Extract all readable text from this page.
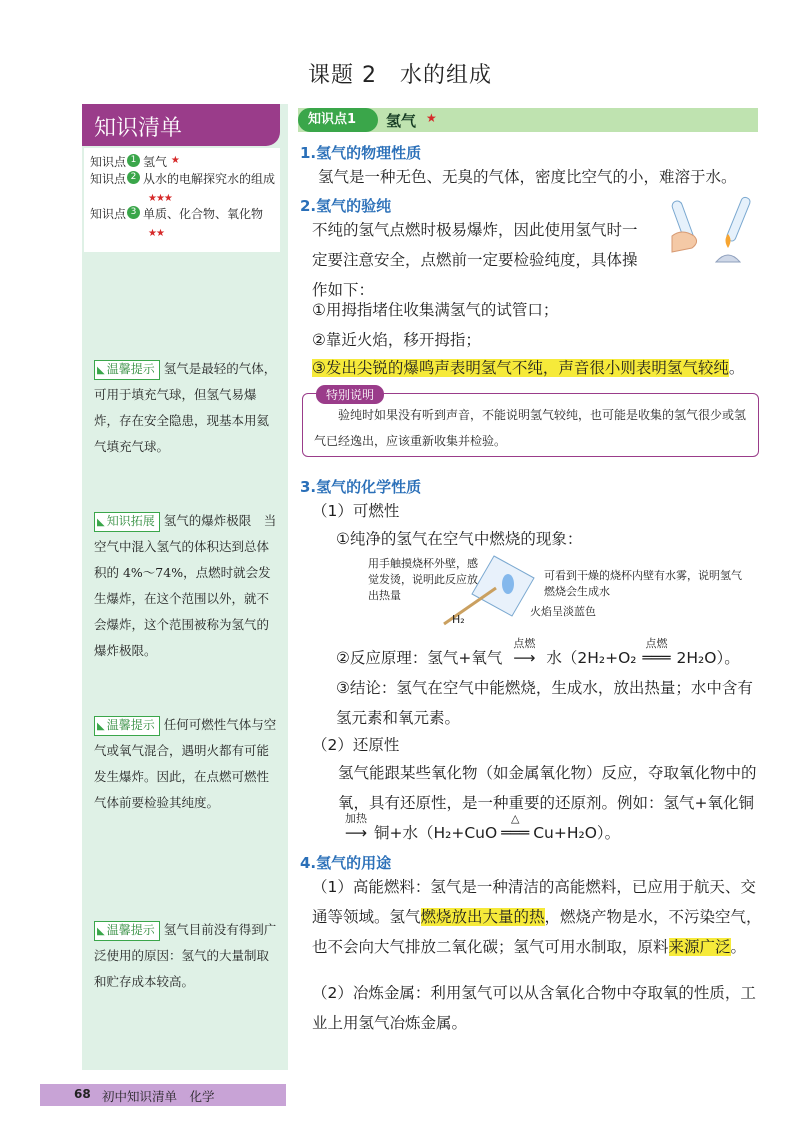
课题 2　水的组成
知识清单
知识点 1 氢气
★
知识点 2 从水的电解探究水的组成
★★★
知识点 3 单质、化合物、氧化物
★★
◣ 温馨提示 氢气是最轻的气体，可用于填充气球，但氢气易爆炸，存在安全隐患，现基本用氦气填充气球。
◣ 知识拓展 氢气的爆炸极限　当空气中混入氢气的体积达到总体积的 4%～74%，点燃时就会发生爆炸，在这个范围以外，就不会爆炸，这个范围被称为氢气的爆炸极限。
◣ 温馨提示 任何可燃性气体与空气或氧气混合，遇明火都有可能发生爆炸。因此，在点燃可燃性气体前要检验其纯度。
◣ 温馨提示 氢气目前没有得到广泛使用的原因：氢气的大量制取和贮存成本较高。
知识点1	氢气 ★
1.氢气的物理性质
氢气是一种无色、无臭的气体，密度比空气的小，难溶于水。
2.氢气的验纯
不纯的氢气点燃时极易爆炸，因此使用氢气时一定要注意安全，点燃前一定要检验纯度，具体操作如下：
①用拇指堵住收集满氢气的试管口；
②靠近火焰，移开拇指；
③发出尖锐的爆鸣声表明氢气不纯，声音很小则表明氢气较纯。
特别说明
验纯时如果没有听到声音，不能说明氢气较纯，也可能是收集的氢气很少或氢气已经逸出，应该重新收集并检验。
3.氢气的化学性质
（1）可燃性
①纯净的氢气在空气中燃烧的现象：
用手触摸烧杯外壁，感觉发烫，说明此反应放出热量
可看到干燥的烧杯内壁有水雾，说明氢气燃烧会生成水
火焰呈淡蓝色
H₂
②反应原理：氢气+氧气
点燃
⟶ 水（2H₂+O₂
点燃
═══ 2H₂O）。
③结论：氢气在空气中能燃烧，生成水，放出热量；水中含有氢元素和氧元素。
（2）还原性
氢气能跟某些氧化物（如金属氧化物）反应，夺取氧化物中的氧，具有还原性，是一种重要的还原剂。例如：氢气+氧化铜
加热
⟶ 铜+水（H₂+CuO
△
═══ Cu+H₂O）。
4.氢气的用途
（1）高能燃料：氢气是一种清洁的高能燃料，已应用于航天、交通等领域。氢气燃烧放出大量的热，燃烧产物是水，不污染空气，也不会向大气排放二氧化碳；氢气可用水制取，原料来源广泛。
（2）冶炼金属：利用氢气可以从含氧化合物中夺取氧的性质，工业上用氢气冶炼金属。
68 初中知识清单　化学
